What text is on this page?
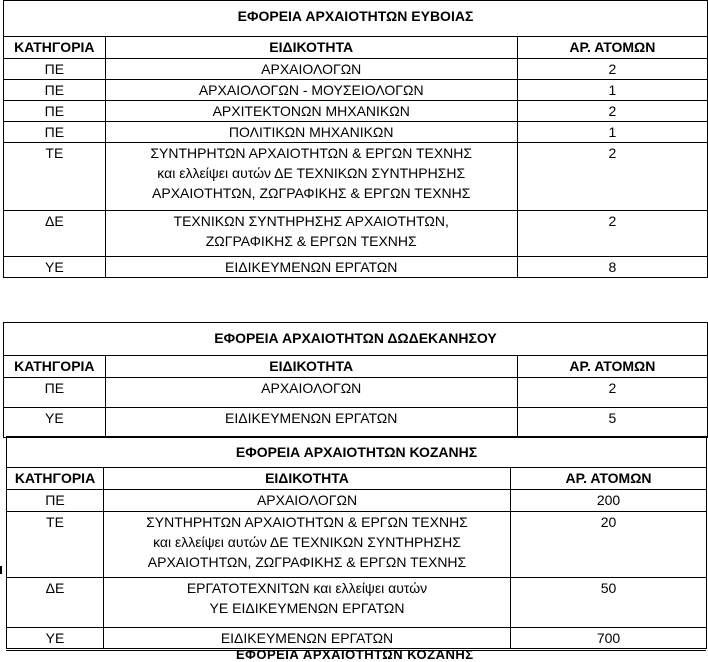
ΕΦΟΡΕΙΑ ΑΡΧΑΙΟΤΗΤΩΝ ΕΥΒΟΙΑΣ		
ΚΑΤΗΓΟΡΙΑ	ΕΙΔΙΚΟΤΗΤΑ	ΑΡ. ΑΤΟΜΩΝ
ΠΕ	ΑΡΧΑΙΟΛΟΓΩΝ	2
ΠΕ	ΑΡΧΑΙΟΛΟΓΩΝ - ΜΟΥΣΕΙΟΛΟΓΩΝ	1
ΠΕ	ΑΡΧΙΤΕΚΤΟΝΩΝ ΜΗΧΑΝΙΚΩΝ	2
ΠΕ	ΠΟΛΙΤΙΚΩΝ ΜΗΧΑΝΙΚΩΝ	1
ΤΕ	ΣΥΝΤΗΡΗΤΩΝ ΑΡΧΑΙΟΤΗΤΩΝ & ΕΡΓΩΝ ΤΕΧΝΗΣ
και ελλείψει αυτών ΔΕ ΤΕΧΝΙΚΩΝ ΣΥΝΤΗΡΗΣΗΣ
ΑΡΧΑΙΟΤΗΤΩΝ, ΖΩΓΡΑΦΙΚΗΣ & ΕΡΓΩΝ ΤΕΧΝΗΣ	2
ΔΕ	ΤΕΧΝΙΚΩΝ ΣΥΝΤΗΡΗΣΗΣ ΑΡΧΑΙΟΤΗΤΩΝ,
ΖΩΓΡΑΦΙΚΗΣ & ΕΡΓΩΝ ΤΕΧΝΗΣ	2
ΥΕ	ΕΙΔΙΚΕΥΜΕΝΩΝ ΕΡΓΑΤΩΝ	8
ΕΦΟΡΕΙΑ ΑΡΧΑΙΟΤΗΤΩΝ ΔΩΔΕΚΑΝΗΣΟΥ		
ΚΑΤΗΓΟΡΙΑ	ΕΙΔΙΚΟΤΗΤΑ	ΑΡ. ΑΤΟΜΩΝ
ΠΕ	ΑΡΧΑΙΟΛΟΓΩΝ	2
ΥΕ	ΕΙΔΙΚΕΥΜΕΝΩΝ ΕΡΓΑΤΩΝ	5
ΕΦΟΡΕΙΑ ΑΡΧΑΙΟΤΗΤΩΝ ΚΟΖΑΝΗΣ		
ΚΑΤΗΓΟΡΙΑ	ΕΙΔΙΚΟΤΗΤΑ	ΑΡ. ΑΤΟΜΩΝ
ΠΕ	ΑΡΧΑΙΟΛΟΓΩΝ	200
ΤΕ	ΣΥΝΤΗΡΗΤΩΝ ΑΡΧΑΙΟΤΗΤΩΝ & ΕΡΓΩΝ ΤΕΧΝΗΣ
και ελλείψει αυτών ΔΕ ΤΕΧΝΙΚΩΝ ΣΥΝΤΗΡΗΣΗΣ
ΑΡΧΑΙΟΤΗΤΩΝ, ΖΩΓΡΑΦΙΚΗΣ & ΕΡΓΩΝ ΤΕΧΝΗΣ	20
ΔΕ	ΕΡΓΑΤΟΤΕΧΝΙΤΩΝ και ελλείψει αυτών
ΥΕ ΕΙΔΙΚΕΥΜΕΝΩΝ ΕΡΓΑΤΩΝ	50
ΥΕ	ΕΙΔΙΚΕΥΜΕΝΩΝ ΕΡΓΑΤΩΝ	700
ΕΦΟΡΕΙΑ ΑΡΧΑΙΟΤΗΤΩΝ ΚΟΖΑΝΗΣ
